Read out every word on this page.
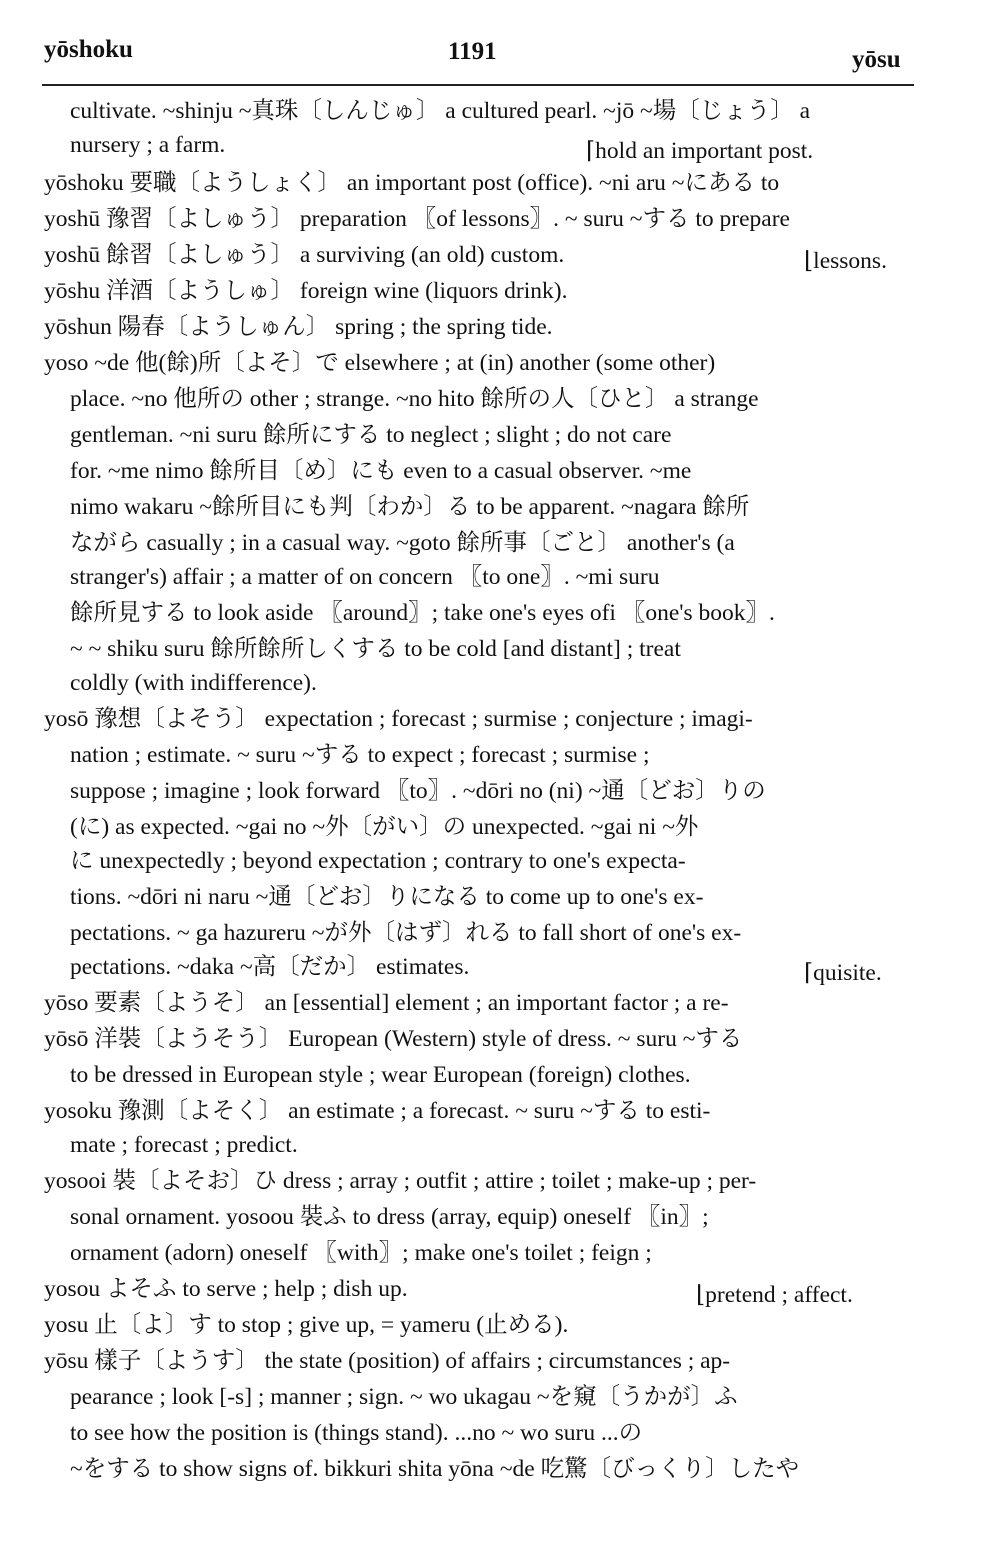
yōshoku	1191	yōsu
cultivate. ~shinju ~真珠〔しんじゅ〕 a cultured pearl. ~jō ~場〔じょう〕 a
nursery ; a farm.	⌈hold an important post.
yōshoku 要職〔ようしょく〕 an important post (office). ~ni aru ~にある to
yoshū 豫習〔よしゅう〕 preparation 〖of lessons〗. ~ suru ~する to prepare
yoshū 餘習〔よしゅう〕 a surviving (an old) custom.	⌊lessons.
yōshu 洋酒〔ようしゅ〕 foreign wine (liquors drink).
yōshun 陽春〔ようしゅん〕 spring ; the spring tide.
yoso ~de 他(餘)所〔よそ〕で elsewhere ; at (in) another (some other)
place. ~no 他所の other ; strange. ~no hito 餘所の人〔ひと〕 a strange
gentleman. ~ni suru 餘所にする to neglect ; slight ; do not care
for. ~me nimo 餘所目〔め〕にも even to a casual observer. ~me
nimo wakaru ~餘所目にも判〔わか〕る to be apparent. ~nagara 餘所
ながら casually ; in a casual way. ~goto 餘所事〔ごと〕 another's (a
stranger's) affair ; a matter of on concern 〖to one〗. ~mi suru
餘所見する to look aside 〖around〗; take one's eyes ofi 〖one's book〗.
~ ~ shiku suru 餘所餘所しくする to be cold [and distant] ; treat
coldly (with indifference).
yosō 豫想〔よそう〕 expectation ; forecast ; surmise ; conjecture ; imagi-
nation ; estimate. ~ suru ~する to expect ; forecast ; surmise ;
suppose ; imagine ; look forward 〖to〗. ~dōri no (ni) ~通〔どお〕りの
(に) as expected. ~gai no ~外〔がい〕の unexpected. ~gai ni ~外
に unexpectedly ; beyond expectation ; contrary to one's expecta-
tions. ~dōri ni naru ~通〔どお〕りになる to come up to one's ex-
pectations. ~ ga hazureru ~が外〔はず〕れる to fall short of one's ex-
pectations. ~daka ~高〔だか〕 estimates.	⌈quisite.
yōso 要素〔ようそ〕 an [essential] element ; an important factor ; a re-
yōsō 洋裝〔ようそう〕 European (Western) style of dress. ~ suru ~する
to be dressed in European style ; wear European (foreign) clothes.
yosoku 豫測〔よそく〕 an estimate ; a forecast. ~ suru ~する to esti-
mate ; forecast ; predict.
yosooi 裝〔よそお〕ひ dress ; array ; outfit ; attire ; toilet ; make-up ; per-
sonal ornament. yosoou 裝ふ to dress (array, equip) oneself 〖in〗;
ornament (adorn) oneself 〖with〗; make one's toilet ; feign ;
yosou よそふ to serve ; help ; dish up.	⌊pretend ; affect.
yosu 止〔よ〕す to stop ; give up, = yameru (止める).
yōsu 樣子〔ようす〕 the state (position) of affairs ; circumstances ; ap-
pearance ; look [-s] ; manner ; sign. ~ wo ukagau ~を窺〔うかが〕ふ
to see how the position is (things stand). ...no ~ wo suru ...の
~をする to show signs of. bikkuri shita yōna ~de 吃驚〔びっくり〕したや
